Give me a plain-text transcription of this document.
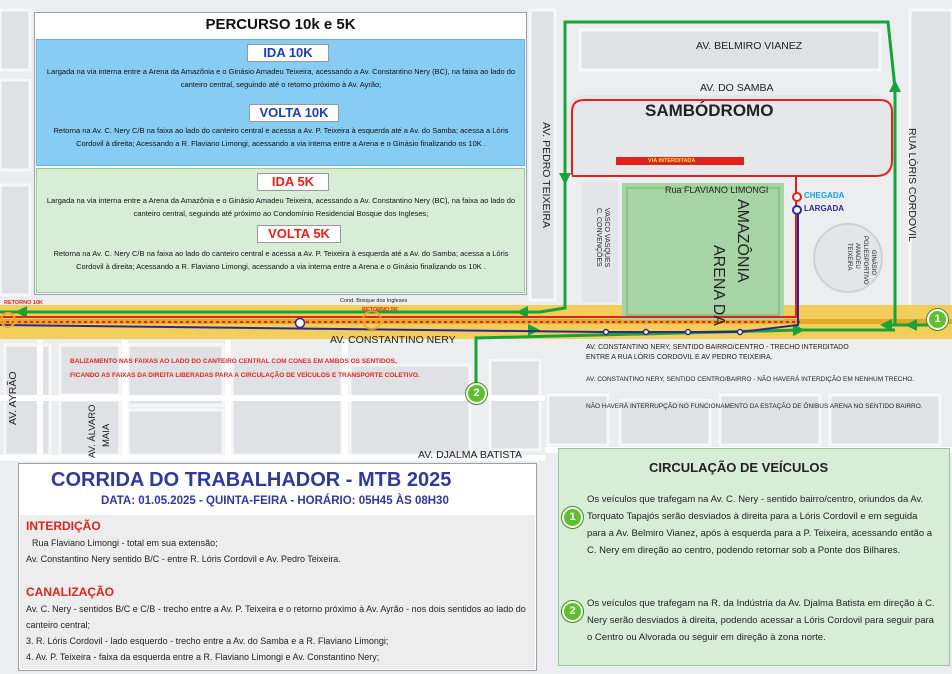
AV. BELMIRO VIANEZ
AV. DO SAMBA
SAMBÓDROMO
VIA INTERDITADA
Rua FLAVIANO LIMONGI
ARENA DA
AMAZÔNIA
CHEGADA
LARGADA
AV. PEDRO TEIXEIRA	RUA LÓRIS CORDOVIL
C. CONVENÇÕES VASCO VASQUES	GINÁSIO
POLIESPORTIVO
AMADEU
TEIXEIRA
RETORNO 10K	Cond. Bosque dos Ingleses
RETORNO 5K
AV. CONSTANTINO NERY
AV. AYRÃO
AV. ÁLVARO MAIA
AV. DJALMA BATISTA
BALIZAMENTO NAS FAIXAS AO LADO DO CANTEIRO CENTRAL COM CONES EM AMBOS OS SENTIDOS,
FICANDO AS FAIXAS DA DIREITA LIBERADAS PARA A CIRCULAÇÃO DE VEÍCULOS E TRANSPORTE COLETIVO.
AV. CONSTANTINO NERY, SENTIDO BAIRRO/CENTRO - TRECHO INTERDITADO
ENTRE A RUA LÓRIS CORDOVIL E AV PEDRO TEIXEIRA.
AV. CONSTANTINO NERY, SENTIDO CENTRO/BAIRRO - NÃO HAVERÁ INTERDIÇÃO EM NENHUM TRECHO.
NÃO HAVERÁ INTERRUPÇÃO NO FUNCIONAMENTO DA ESTAÇÃO DE ÔNIBUS ARENA NO SENTIDO BAIRRO.
1
2
PERCURSO 10k e 5K
IDA 10K
Largada na via interna entre a Arena da Amazônia e o Ginásio Amadeu Teixeira, acessando a Av. Constantino Nery (BC), na faixa ao lado do canteiro central, seguindo até o retorno próximo à Av. Ayrão;
VOLTA 10K
Retorna na Av. C. Nery C/B na faixa ao lado do canteiro central e acessa a Av. P. Teixeira à esquerda até a Av. do Samba; acessa a Lóris Cordovil à direita; Acessando a R. Flaviano Limongi, acessando a via interna entre a Arena e o Ginásio finalizando os 10K .
IDA 5K
Largada na via interna entre a Arena da Amazônia e o Ginásio Amadeu Teixeira, acessando a Av. Constantino Nery (BC), na faixa ao lado do canteiro central, seguindo até próximo ao Condomínio Residencial Bosque dos Ingleses;
VOLTA 5K
Retorna na Av. C. Nery C/B na faixa ao lado do canteiro central e acessa a Av. P. Teixeira à esquerda até a Av. do Samba; acessa a Lóris Cordovil à direita; Acessando a R. Flaviano Limongi, acessando a via interna entre a Arena e o Ginásio finalizando os 10K .
CORRIDA DO TRABALHADOR - MTB 2025
DATA: 01.05.2025 - QUINTA-FEIRA - HORÁRIO: 05H45 ÀS 08H30
INTERDIÇÃO
Rua Flaviano Limongi - total em sua extensão;
Av. Constantino Nery sentido B/C - entre R. Lóris Cordovil e Av. Pedro Teixeira.
CANALIZAÇÃO
Av. C. Nery - sentidos B/C e C/B - trecho entre a Av. P. Teixeira e o retorno próximo à Av. Ayrão - nos dois sentidos ao lado do canteiro central;
3. R. Lóris Cordovil - lado esquerdo - trecho entre a Av. do Samba e a R. Flaviano Limongi;
4. Av. P. Teixeira - faixa da esquerda entre a R. Flaviano Limongi e Av. Constantino Nery;
CIRCULAÇÃO DE VEÍCULOS
1
Os veículos que trafegam na Av. C. Nery - sentido bairro/centro, oriundos da Av. Torquato Tapajós serão desviados à direita para a Lóris Cordovil e em seguida para a Av. Belmiro Vianez, após à esquerda para a P. Teixeira, acessando então a C. Nery em direção ao centro, podendo retornar sob a Ponte dos Bilhares.
2
Os veículos que trafegam na R. da Indústria da Av. Djalma Batista em direção à C. Nery serão desviados à direita, podendo acessar a Lóris Cordovil para seguir para o Centro ou Alvorada ou seguir em direção à zona norte.
